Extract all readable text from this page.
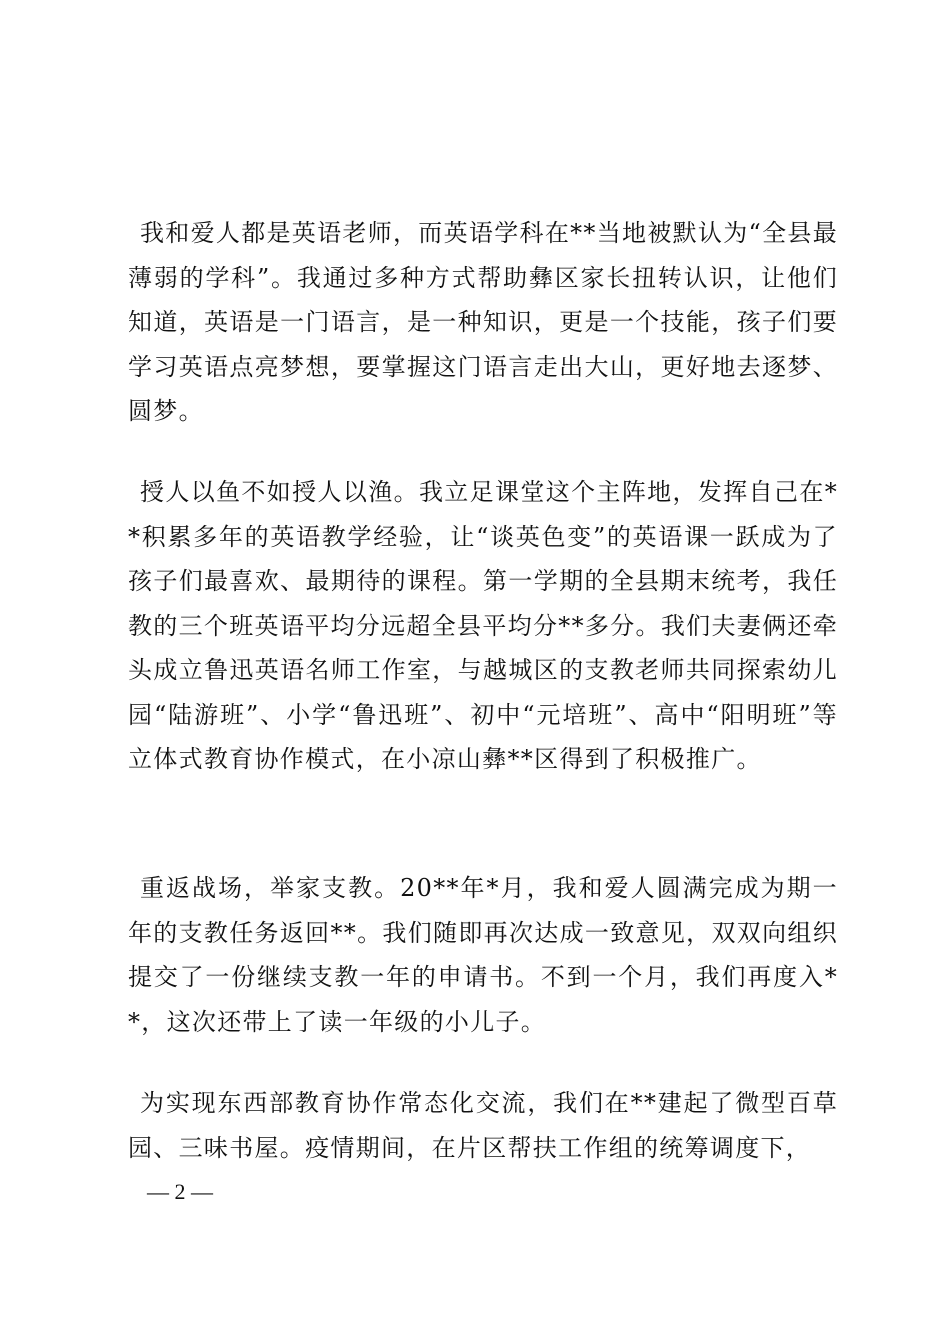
我和爱人都是英语老师，而英语学科在**当地被默认为“全县最薄弱的学科”。我通过多种方式帮助彝区家长扭转认识，让他们知道，英语是一门语言，是一种知识，更是一个技能，孩子们要学习英语点亮梦想，要掌握这门语言走出大山，更好地去逐梦、圆梦。

授人以鱼不如授人以渔。我立足课堂这个主阵地，发挥自己在**积累多年的英语教学经验，让“谈英色变”的英语课一跃成为了孩子们最喜欢、最期待的课程。第一学期的全县期末统考，我任教的三个班英语平均分远超全县平均分**多分。我们夫妻俩还牵头成立鲁迅英语名师工作室，与越城区的支教老师共同探索幼儿园“陆游班”、小学“鲁迅班”、初中“元培班”、高中“阳明班”等立体式教育协作模式，在小凉山彝**区得到了积极推广。

重返战场，举家支教。20**年*月，我和爱人圆满完成为期一年的支教任务返回**。我们随即再次达成一致意见，双双向组织提交了一份继续支教一年的申请书。不到一个月，我们再度入**，这次还带上了读一年级的小儿子。

为实现东西部教育协作常态化交流，我们在**建起了微型百草园、三味书屋。疫情期间，在片区帮扶工作组的统筹调度下，

— 2 —
